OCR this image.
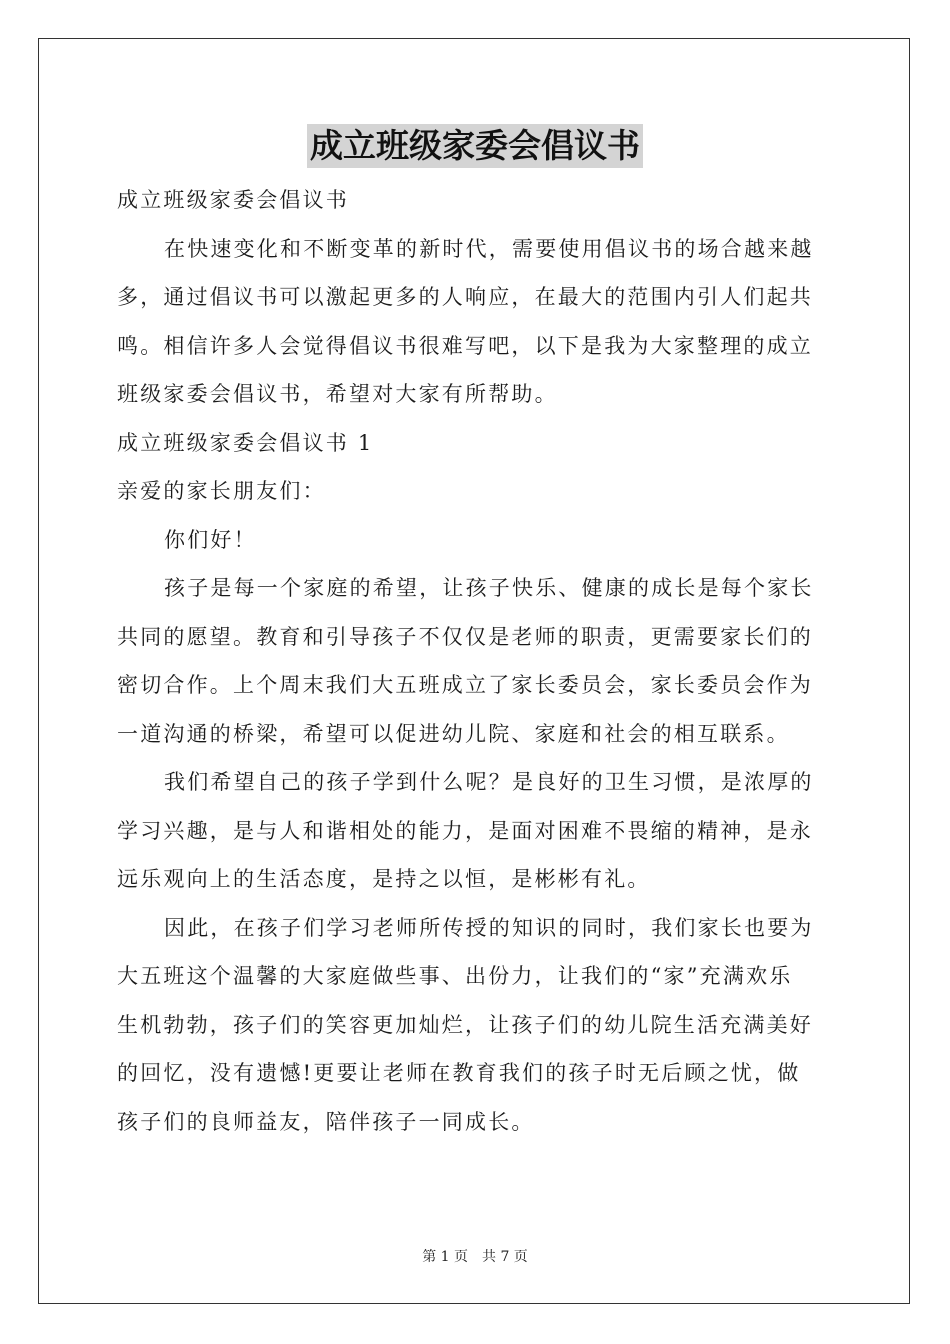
成立班级家委会倡议书

成立班级家委会倡议书

在快速变化和不断变革的新时代，需要使用倡议书的场合越来越

多，通过倡议书可以激起更多的人响应，在最大的范围内引人们起共

鸣。相信许多人会觉得倡议书很难写吧，以下是我为大家整理的成立

班级家委会倡议书，希望对大家有所帮助。

成立班级家委会倡议书 1

亲爱的家长朋友们：

你们好！

孩子是每一个家庭的希望，让孩子快乐、健康的成长是每个家长

共同的愿望。教育和引导孩子不仅仅是老师的职责，更需要家长们的

密切合作。上个周末我们大五班成立了家长委员会，家长委员会作为

一道沟通的桥梁，希望可以促进幼儿院、家庭和社会的相互联系。

我们希望自己的孩子学到什么呢？是良好的卫生习惯，是浓厚的

学习兴趣，是与人和谐相处的能力，是面对困难不畏缩的精神，是永

远乐观向上的生活态度，是持之以恒，是彬彬有礼。

因此，在孩子们学习老师所传授的知识的同时，我们家长也要为

大五班这个温馨的大家庭做些事、出份力，让我们的“家”充满欢乐

生机勃勃，孩子们的笑容更加灿烂，让孩子们的幼儿院生活充满美好

的回忆，没有遗憾!更要让老师在教育我们的孩子时无后顾之忧，做

孩子们的良师益友，陪伴孩子一同成长。

第 1 页 共 7 页
